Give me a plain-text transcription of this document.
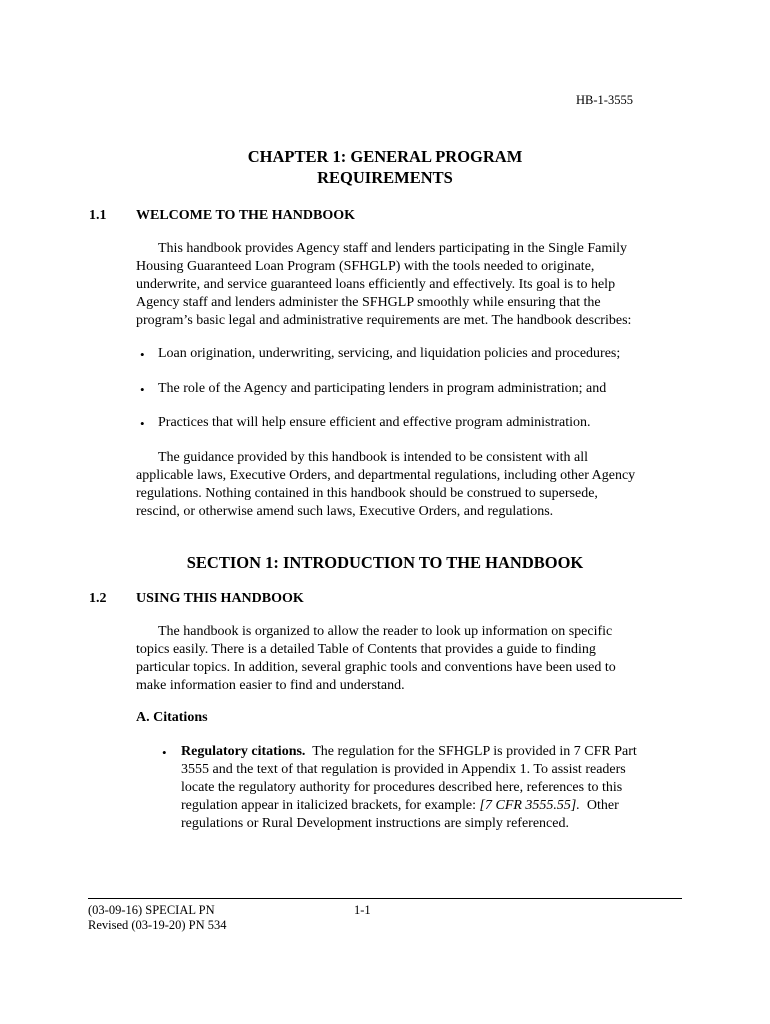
HB-1-3555
CHAPTER 1: GENERAL PROGRAM
REQUIREMENTS
1.1 WELCOME TO THE HANDBOOK
This handbook provides Agency staff and lenders participating in the Single Family
Housing Guaranteed Loan Program (SFHGLP) with the tools needed to originate,
underwrite, and service guaranteed loans efficiently and effectively. Its goal is to help
Agency staff and lenders administer the SFHGLP smoothly while ensuring that the
program’s basic legal and administrative requirements are met. The handbook describes:
• Loan origination, underwriting, servicing, and liquidation policies and procedures;
• The role of the Agency and participating lenders in program administration; and
• Practices that will help ensure efficient and effective program administration.
The guidance provided by this handbook is intended to be consistent with all
applicable laws, Executive Orders, and departmental regulations, including other Agency
regulations. Nothing contained in this handbook should be construed to supersede,
rescind, or otherwise amend such laws, Executive Orders, and regulations.
SECTION 1: INTRODUCTION TO THE HANDBOOK
1.2 USING THIS HANDBOOK
The handbook is organized to allow the reader to look up information on specific
topics easily. There is a detailed Table of Contents that provides a guide to finding
particular topics. In addition, several graphic tools and conventions have been used to
make information easier to find and understand.
A. Citations
• Regulatory citations. The regulation for the SFHGLP is provided in 7 CFR Part
3555 and the text of that regulation is provided in Appendix 1. To assist readers
locate the regulatory authority for procedures described here, references to this
regulation appear in italicized brackets, for example: [7 CFR 3555.55]. Other
regulations or Rural Development instructions are simply referenced.
(03-09-16) SPECIAL PN
Revised (03-19-20) PN 534
1-1
